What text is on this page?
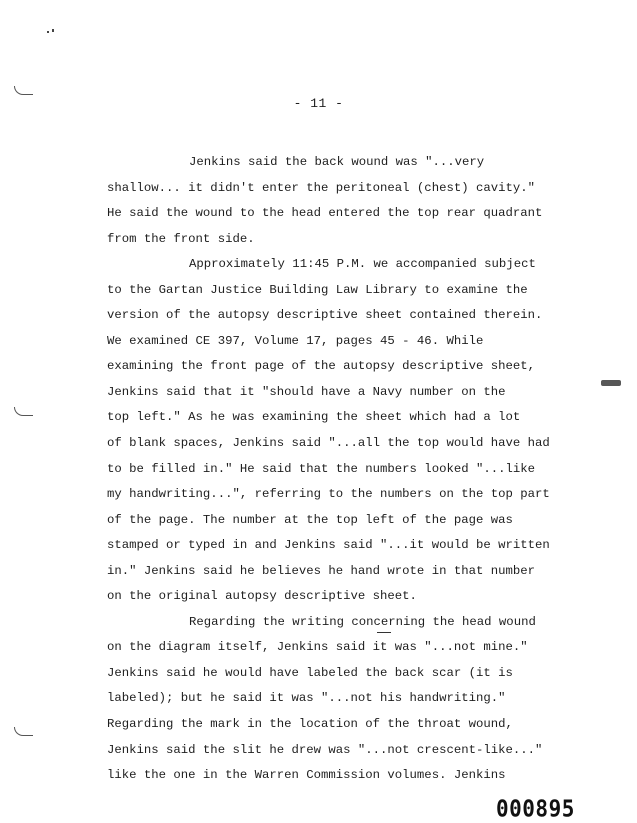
- 11 -
Jenkins said the back wound was "...very
shallow... it didn't enter the peritoneal (chest) cavity."
He said the wound to the head entered the top rear quadrant
from the front side.
Approximately 11:45 P.M. we accompanied subject
to the Gartan Justice Building Law Library to examine the
version of the autopsy descriptive sheet contained therein.
We examined CE 397, Volume 17, pages 45 - 46. While
examining the front page of the autopsy descriptive sheet,
Jenkins said that it "should have a Navy number on the
top left." As he was examining the sheet which had a lot
of blank spaces, Jenkins said "...all the top would have had
to be filled in." He said that the numbers looked "...like
my handwriting...", referring to the numbers on the top part
of the page. The number at the top left of the page was
stamped or typed in and Jenkins said "...it would be written
in." Jenkins said he believes he hand wrote in that number
on the original autopsy descriptive sheet.
Regarding the writing concerning the head wound
on the diagram itself, Jenkins said it was "...not mine."
Jenkins said he would have labeled the back scar (it is
labeled); but he said it was "...not his handwriting."
Regarding the mark in the location of the throat wound,
Jenkins said the slit he drew was "...not crescent-like..."
like the one in the Warren Commission volumes. Jenkins
000895
